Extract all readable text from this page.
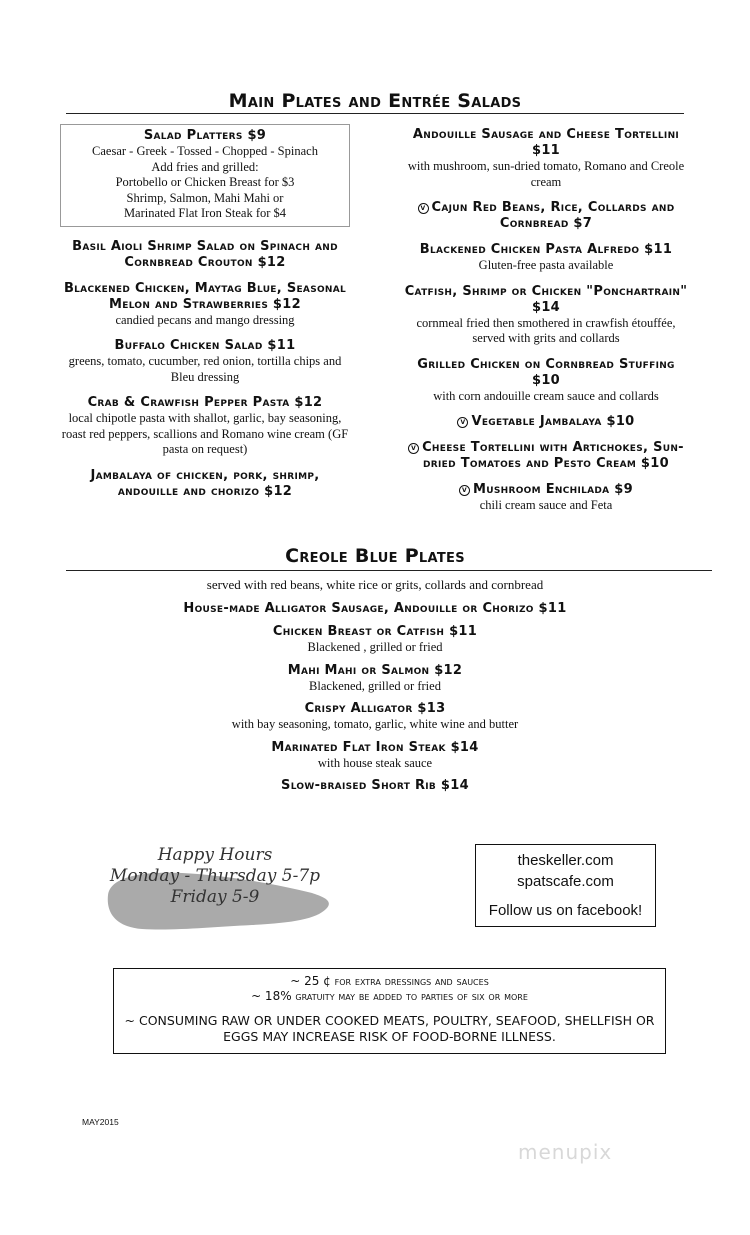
Main Plates and Entrée Salads
Salad Platters $9
Caesar - Greek - Tossed - Chopped - Spinach
Add fries and grilled:
Portobello or Chicken Breast for $3
Shrimp, Salmon, Mahi Mahi or
Marinated Flat Iron Steak for $4
Basil Aioli Shrimp Salad on Spinach and Cornbread Crouton $12
Blackened Chicken, Maytag Blue, Seasonal Melon and Strawberries $12
candied pecans and mango dressing
Buffalo Chicken Salad $11
greens, tomato, cucumber, red onion, tortilla chips and Bleu dressing
Crab & Crawfish Pepper Pasta $12
local chipotle pasta with shallot, garlic, bay seasoning, roast red peppers, scallions and Romano wine cream (GF pasta on request)
Jambalaya of chicken, pork, shrimp, andouille and chorizo $12
Andouille Sausage and Cheese Tortellini $11
with mushroom, sun-dried tomato, Romano and Creole cream
V Cajun Red Beans, Rice, Collards and Cornbread $7
Blackened Chicken Pasta Alfredo $11
Gluten-free pasta available
Catfish, Shrimp or Chicken "Ponchartrain" $14
cornmeal fried then smothered in crawfish étouffée, served with grits and collards
Grilled Chicken on Cornbread Stuffing $10
with corn andouille cream sauce and collards
V Vegetable Jambalaya $10
V Cheese Tortellini with Artichokes, Sun-dried Tomatoes and Pesto Cream $10
V Mushroom Enchilada $9
chili cream sauce and Feta
Creole Blue Plates
served with red beans, white rice or grits, collards and cornbread
House-made Alligator Sausage, Andouille or Chorizo $11
Chicken Breast or Catfish $11
Blackened , grilled or fried
Mahi Mahi or Salmon $12
Blackened, grilled or fried
Crispy Alligator $13
with bay seasoning, tomato, garlic, white wine and butter
Marinated Flat Iron Steak $14
with house steak sauce
Slow-braised Short Rib $14
Happy Hours
Monday - Thursday 5-7p
Friday 5-9
theskeller.com
spatscafe.com
Follow us on facebook!
~ 25 ¢ for extra dressings and sauces
~ 18% gratuity may be added to parties of six or more
~ CONSUMING RAW OR UNDER COOKED MEATS, POULTRY, SEAFOOD, SHELLFISH OR EGGS MAY INCREASE RISK OF FOOD-BORNE ILLNESS.
MAY2015
menupix
